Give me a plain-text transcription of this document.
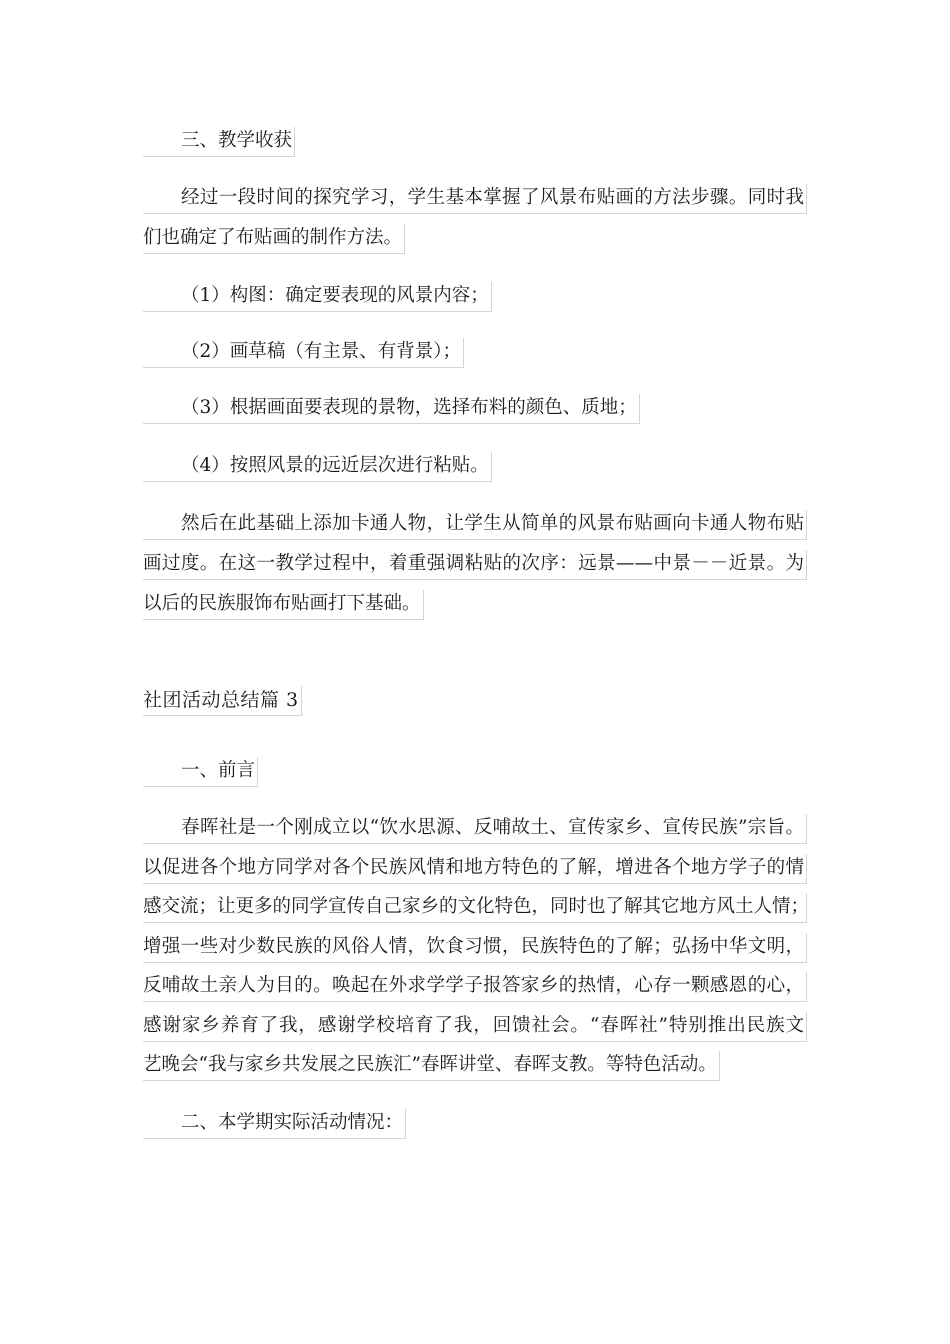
三、教学收获
经过一段时间的探究学习，学生基本掌握了风景布贴画的方法步骤。同时我
们也确定了布贴画的制作方法。
（1）构图：确定要表现的风景内容；
（2）画草稿（有主景、有背景）；
（3）根据画面要表现的景物，选择布料的颜色、质地；
（4）按照风景的远近层次进行粘贴。
然后在此基础上添加卡通人物，让学生从简单的风景布贴画向卡通人物布贴
画过度。在这一教学过程中，着重强调粘贴的次序：远景——中景－－近景。为
以后的民族服饰布贴画打下基础。
社团活动总结篇 3
一、前言
春晖社是一个刚成立以“饮水思源、反哺故土、宣传家乡、宣传民族”宗旨。
以促进各个地方同学对各个民族风情和地方特色的了解，增进各个地方学子的情
感交流；让更多的同学宣传自己家乡的文化特色，同时也了解其它地方风土人情；
增强一些对少数民族的风俗人情，饮食习惯，民族特色的了解；弘扬中华文明，
反哺故土亲人为目的。唤起在外求学学子报答家乡的热情，心存一颗感恩的心，
感谢家乡养育了我，感谢学校培育了我，回馈社会。“春晖社”特别推出民族文
艺晚会“我与家乡共发展之民族汇”春晖讲堂、春晖支教。等特色活动。
二、本学期实际活动情况：
